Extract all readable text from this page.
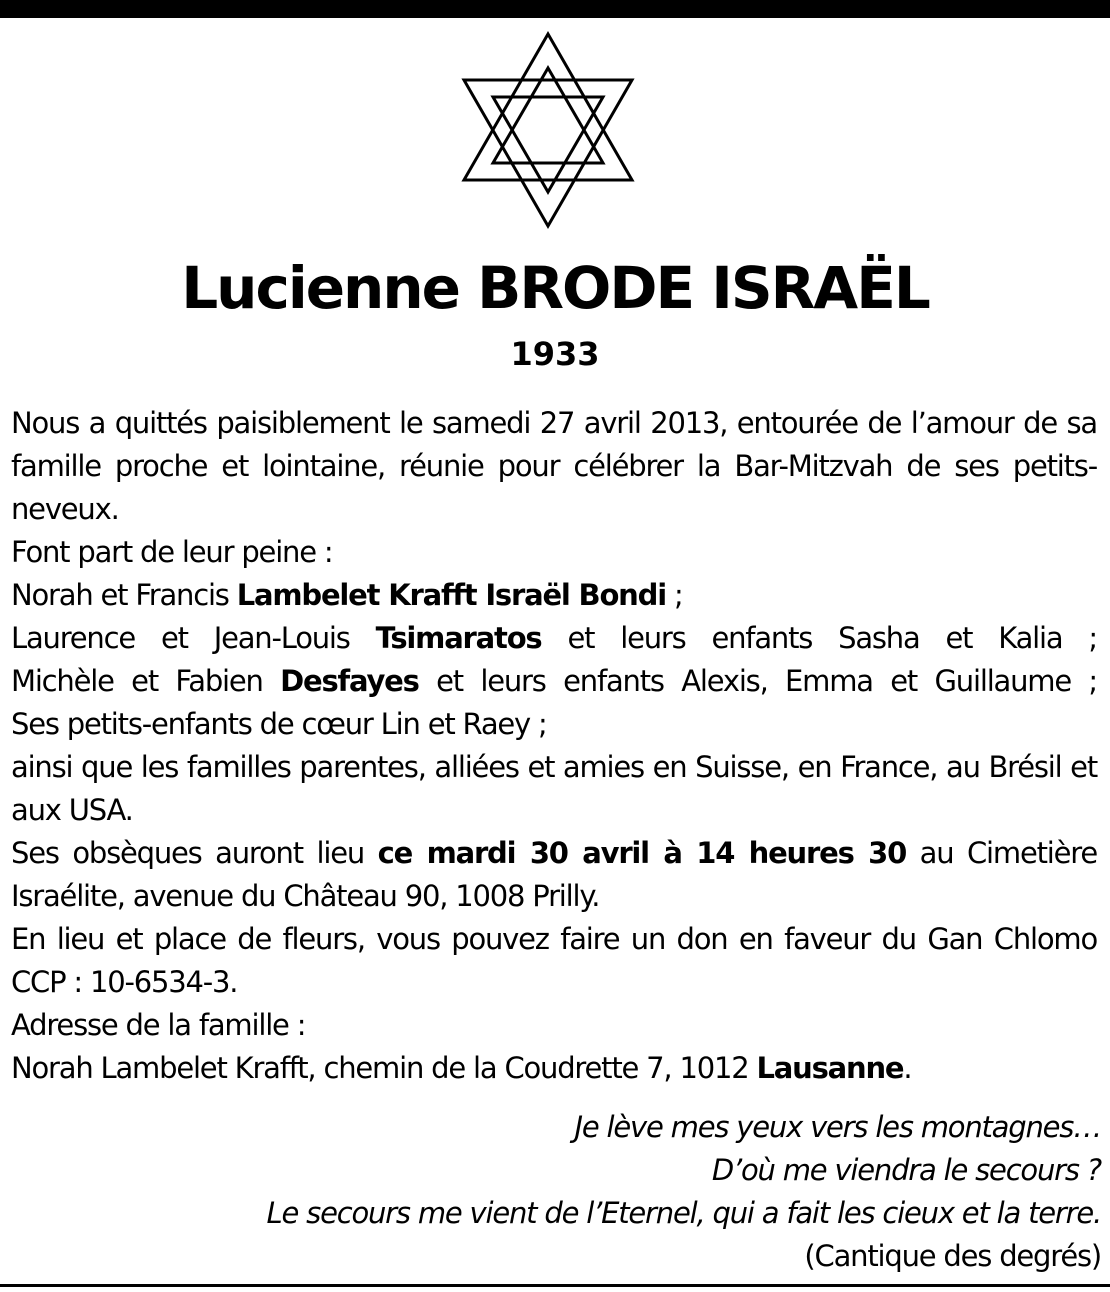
Lucienne BRODE ISRAËL
1933

Nous a quittés paisiblement le samedi 27 avril 2013, entourée de l’amour de sa famille proche et lointaine, réunie pour célébrer la Bar-Mitzvah de ses petits-neveux.

Font part de leur peine :

Norah et Francis Lambelet Krafft Israël Bondi ;

Laurence et Jean-Louis Tsimaratos et leurs enfants Sasha et Kalia ;

Michèle et Fabien Desfayes et leurs enfants Alexis, Emma et Guillaume ;

Ses petits-enfants de cœur Lin et Raey ;

ainsi que les familles parentes, alliées et amies en Suisse, en France, au Brésil et aux USA.

Ses obsèques auront lieu ce mardi 30 avril à 14 heures 30 au Cimetière Israélite, avenue du Château 90, 1008 Prilly.

En lieu et place de fleurs, vous pouvez faire un don en faveur du Gan Chlomo CCP : 10-6534-3.

Adresse de la famille :

Norah Lambelet Krafft, chemin de la Coudrette 7, 1012 Lausanne.

Je lève mes yeux vers les montagnes…

D’où me viendra le secours ?

Le secours me vient de l’Eternel, qui a fait les cieux et la terre.

(Cantique des degrés)
